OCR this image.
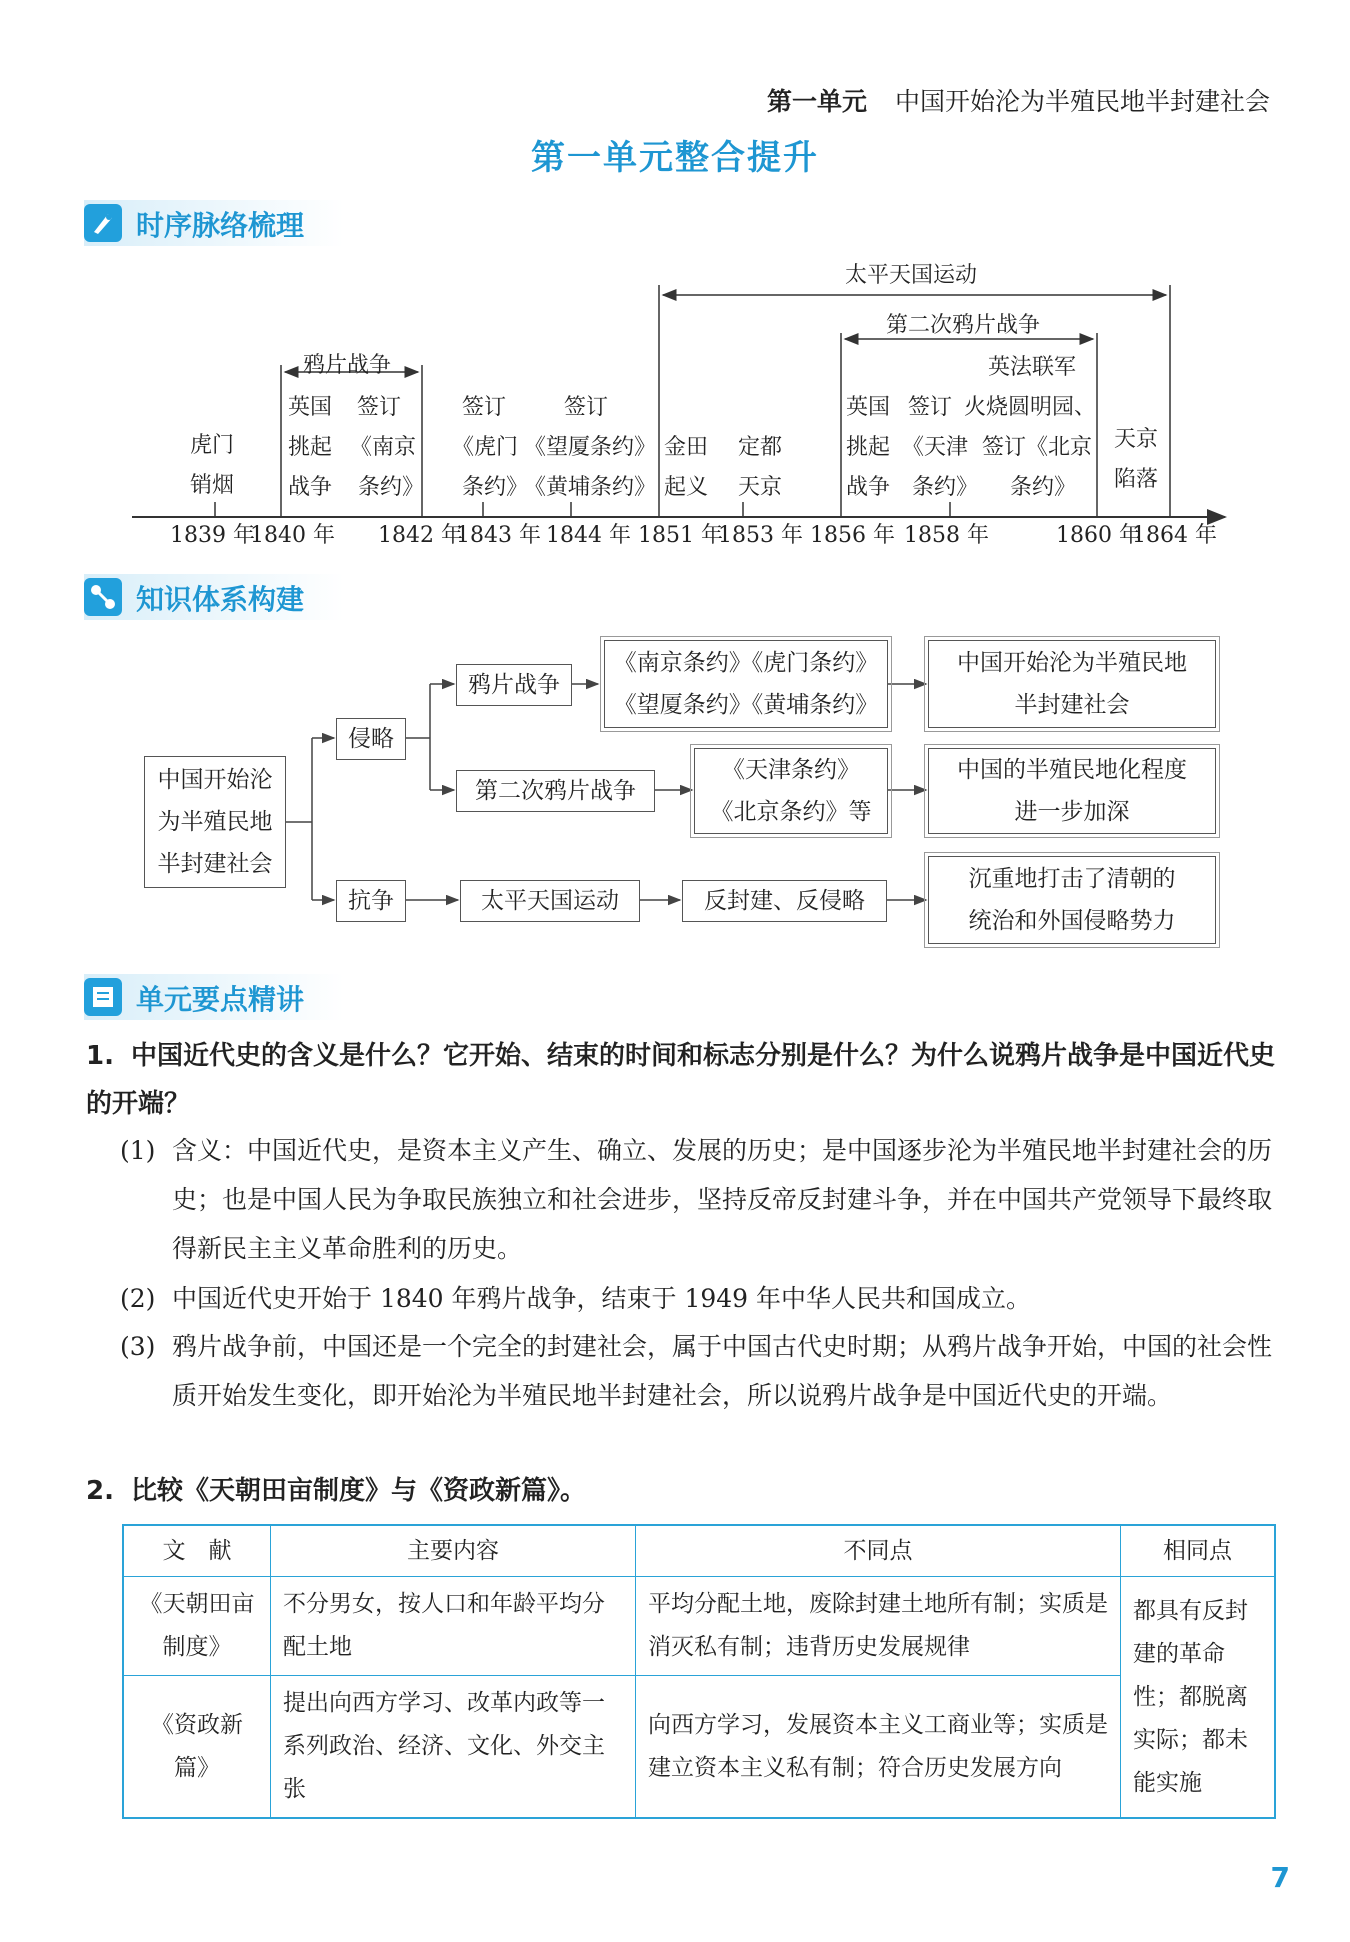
第一单元 中国开始沦为半殖民地半封建社会
第一单元整合提升
时序脉络梳理
太平天国运动
第二次鸦片战争
鸦片战争
虎门
销烟
英国
挑起
战争
签订
《南京
条约》
签订
《虎门
条约》
签订
《望厦条约》
《黄埔条约》
金田
起义
定都
天京
英国
挑起
战争
签订
《天津
条约》
英法联军
火烧圆明园、
签订《北京
条约》
天京
陷落
1839 年
1840 年 1842 年
1843 年 1844 年 1851 年
1853 年 1856 年 1858 年	1860 年
1864 年
知识体系构建
中国开始沦
为半殖民地
半封建社会
侵略
抗争
鸦片战争
第二次鸦片战争
太平天国运动	反封建、反侵略
《南京条约》《虎门条约》
《望厦条约》《黄埔条约》
《天津条约》
《北京条约》等
中国开始沦为半殖民地
半封建社会
中国的半殖民地化程度
进一步加深
沉重地打击了清朝的
统治和外国侵略势力
单元要点精讲
1. 中国近代史的含义是什么？它开始、结束的时间和标志分别是什么？为什么说鸦片战争是中国近代史的开端？
(1) 含义：中国近代史，是资本主义产生、确立、发展的历史；是中国逐步沦为半殖民地半封建社会的历史；也是中国人民为争取民族独立和社会进步，坚持反帝反封建斗争，并在中国共产党领导下最终取得新民主主义革命胜利的历史。
(2) 中国近代史开始于 1840 年鸦片战争，结束于 1949 年中华人民共和国成立。
(3) 鸦片战争前，中国还是一个完全的封建社会，属于中国古代史时期；从鸦片战争开始，中国的社会性质开始发生变化，即开始沦为半殖民地半封建社会，所以说鸦片战争是中国近代史的开端。
2. 比较《天朝田亩制度》与《资政新篇》。
文　献	主要内容	不同点	相同点
《天朝田亩制度》	不分男女，按人口和年龄平均分配土地	平均分配土地，废除封建土地所有制；实质是消灭私有制；违背历史发展规律	都具有反封建的革命性；都脱离实际；都未能实施
《资政新篇》	提出向西方学习、改革内政等一系列政治、经济、文化、外交主张	向西方学习，发展资本主义工商业等；实质是建立资本主义私有制；符合历史发展方向	
7
